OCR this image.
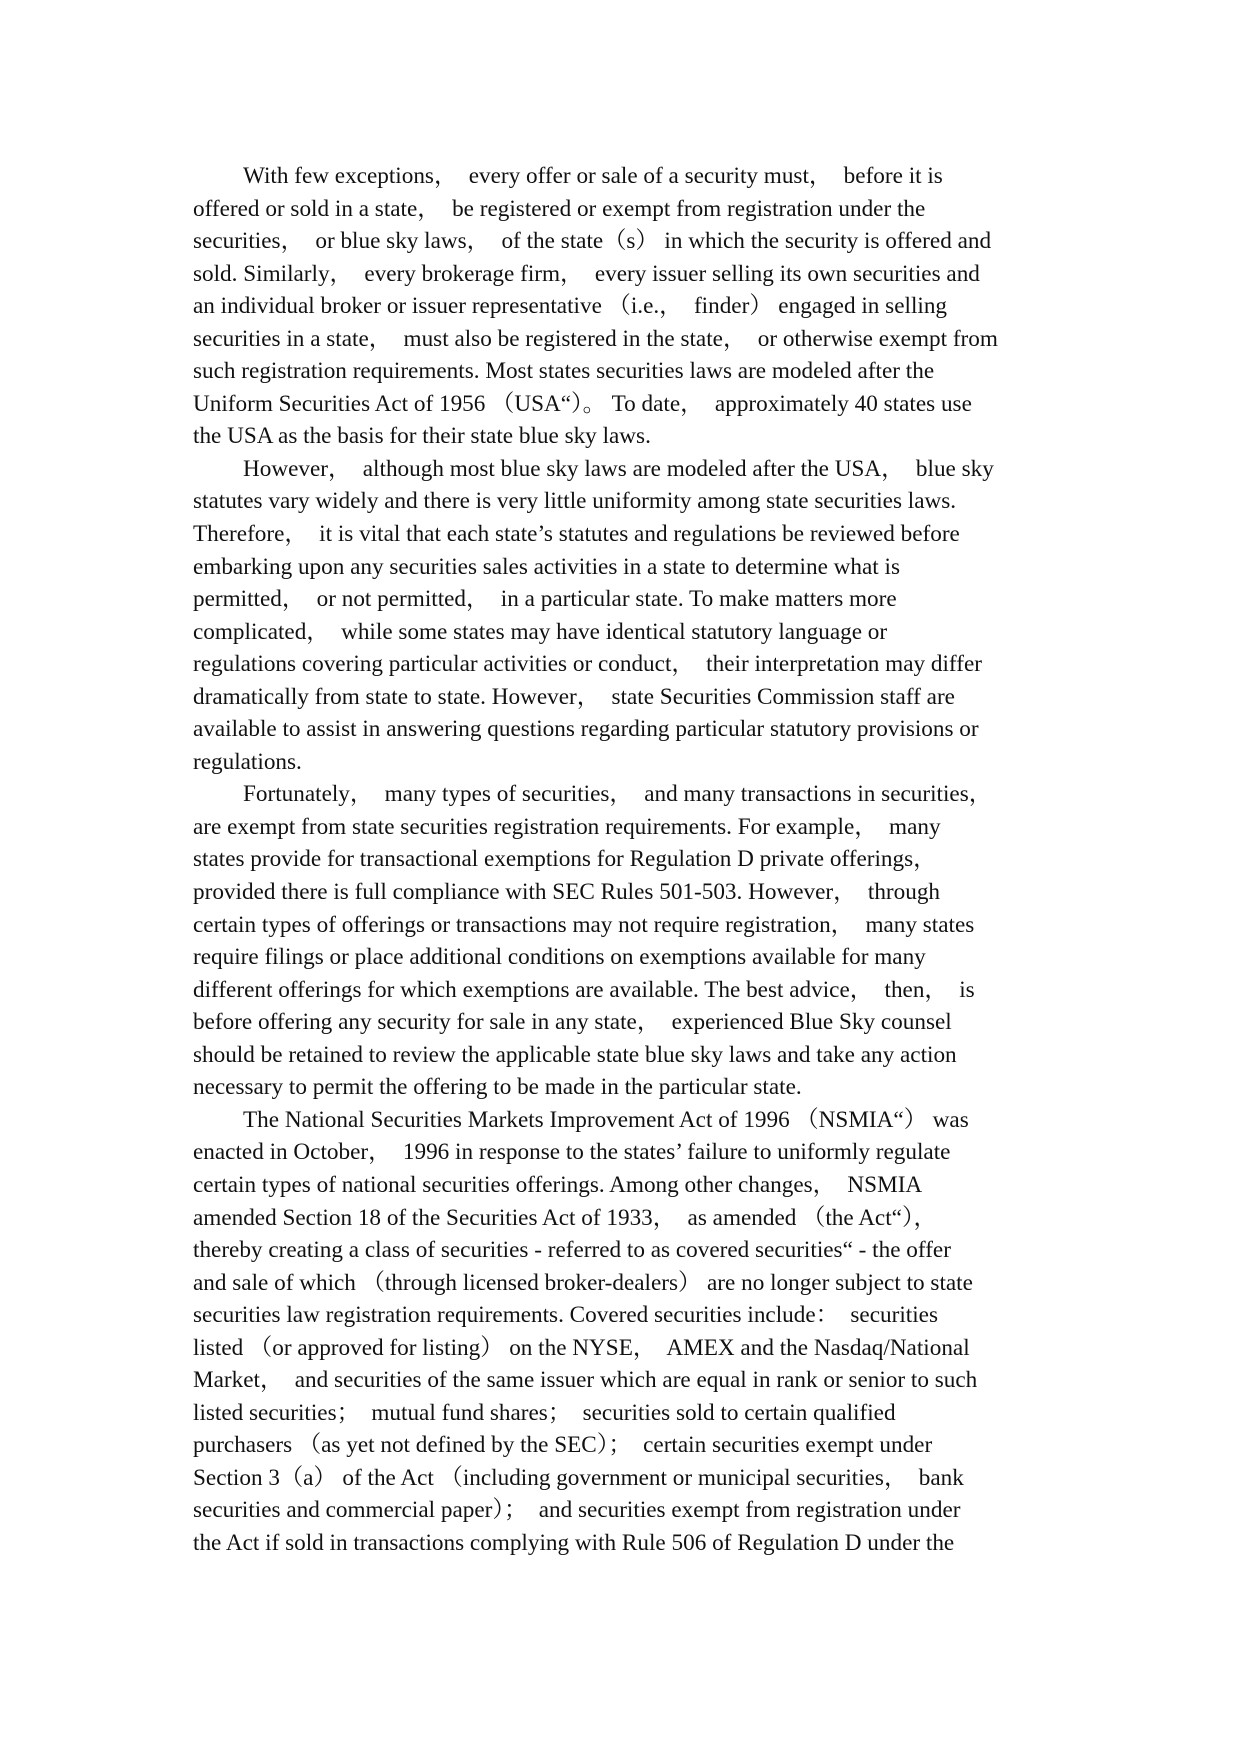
With few exceptions，  every offer or sale of a security must，  before it is
offered or sold in a state，  be registered or exempt from registration under the
securities，  or blue sky laws，  of the state（s） in which the security is offered and
sold. Similarly，  every brokerage firm，  every issuer selling its own securities and
an individual broker or issuer representative （i.e.，  finder） engaged in selling
securities in a state，  must also be registered in the state，  or otherwise exempt from
such registration requirements. Most states securities laws are modeled after the
Uniform Securities Act of 1956 （USA“）。 To date，  approximately 40 states use
the USA as the basis for their state blue sky laws.

However，  although most blue sky laws are modeled after the USA，  blue sky
statutes vary widely and there is very little uniformity among state securities laws.
Therefore，  it is vital that each state’s statutes and regulations be reviewed before
embarking upon any securities sales activities in a state to determine what is
permitted，  or not permitted，  in a particular state. To make matters more
complicated，  while some states may have identical statutory language or
regulations covering particular activities or conduct，  their interpretation may differ
dramatically from state to state. However，  state Securities Commission staff are
available to assist in answering questions regarding particular statutory provisions or
regulations.

Fortunately，  many types of securities，  and many transactions in securities，
are exempt from state securities registration requirements. For example，  many
states provide for transactional exemptions for Regulation D private offerings，
provided there is full compliance with SEC Rules 501-503. However，  through
certain types of offerings or transactions may not require registration，  many states
require filings or place additional conditions on exemptions available for many
different offerings for which exemptions are available. The best advice，  then，  is
before offering any security for sale in any state，  experienced Blue Sky counsel
should be retained to review the applicable state blue sky laws and take any action
necessary to permit the offering to be made in the particular state.

The National Securities Markets Improvement Act of 1996 （NSMIA“） was
enacted in October，  1996 in response to the states’ failure to uniformly regulate
certain types of national securities offerings. Among other changes，  NSMIA
amended Section 18 of the Securities Act of 1933，  as amended （the Act“），
thereby creating a class of securities - referred to as covered securities“ - the offer
and sale of which （through licensed broker-dealers） are no longer subject to state
securities law registration requirements. Covered securities include：  securities
listed （or approved for listing） on the NYSE，  AMEX and the Nasdaq/National
Market，  and securities of the same issuer which are equal in rank or senior to such
listed securities；  mutual fund shares；  securities sold to certain qualified
purchasers （as yet not defined by the SEC）；  certain securities exempt under
Section 3（a） of the Act （including government or municipal securities，  bank
securities and commercial paper）；  and securities exempt from registration under
the Act if sold in transactions complying with Rule 506 of Regulation D under the
